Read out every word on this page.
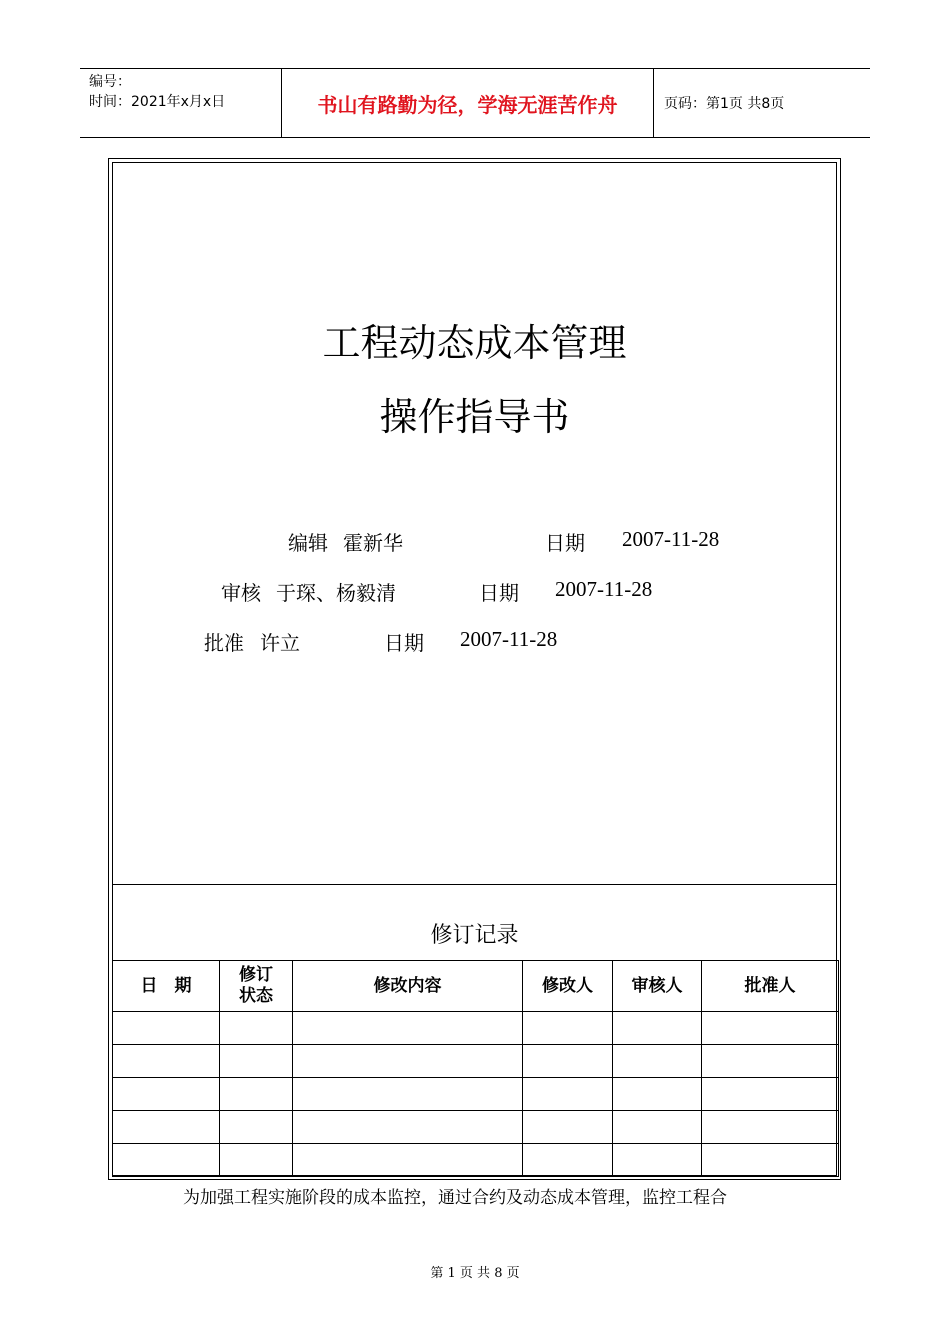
编号：
时间：2021年x月x日	书山有路勤为径，学海无涯苦作舟	页码：第1页 共8页
工程动态成本管理
操作指导书
编辑 霍新华	日期 2007-11-28
审核 于琛、杨毅清	日期 2007-11-28
批准 许立	日期 2007-11-28
修订记录
日　期	修订状态	修改内容	修改人	审核人	批准人

为加强工程实施阶段的成本监控，通过合约及动态成本管理，监控工程合
第 1 页 共 8 页
